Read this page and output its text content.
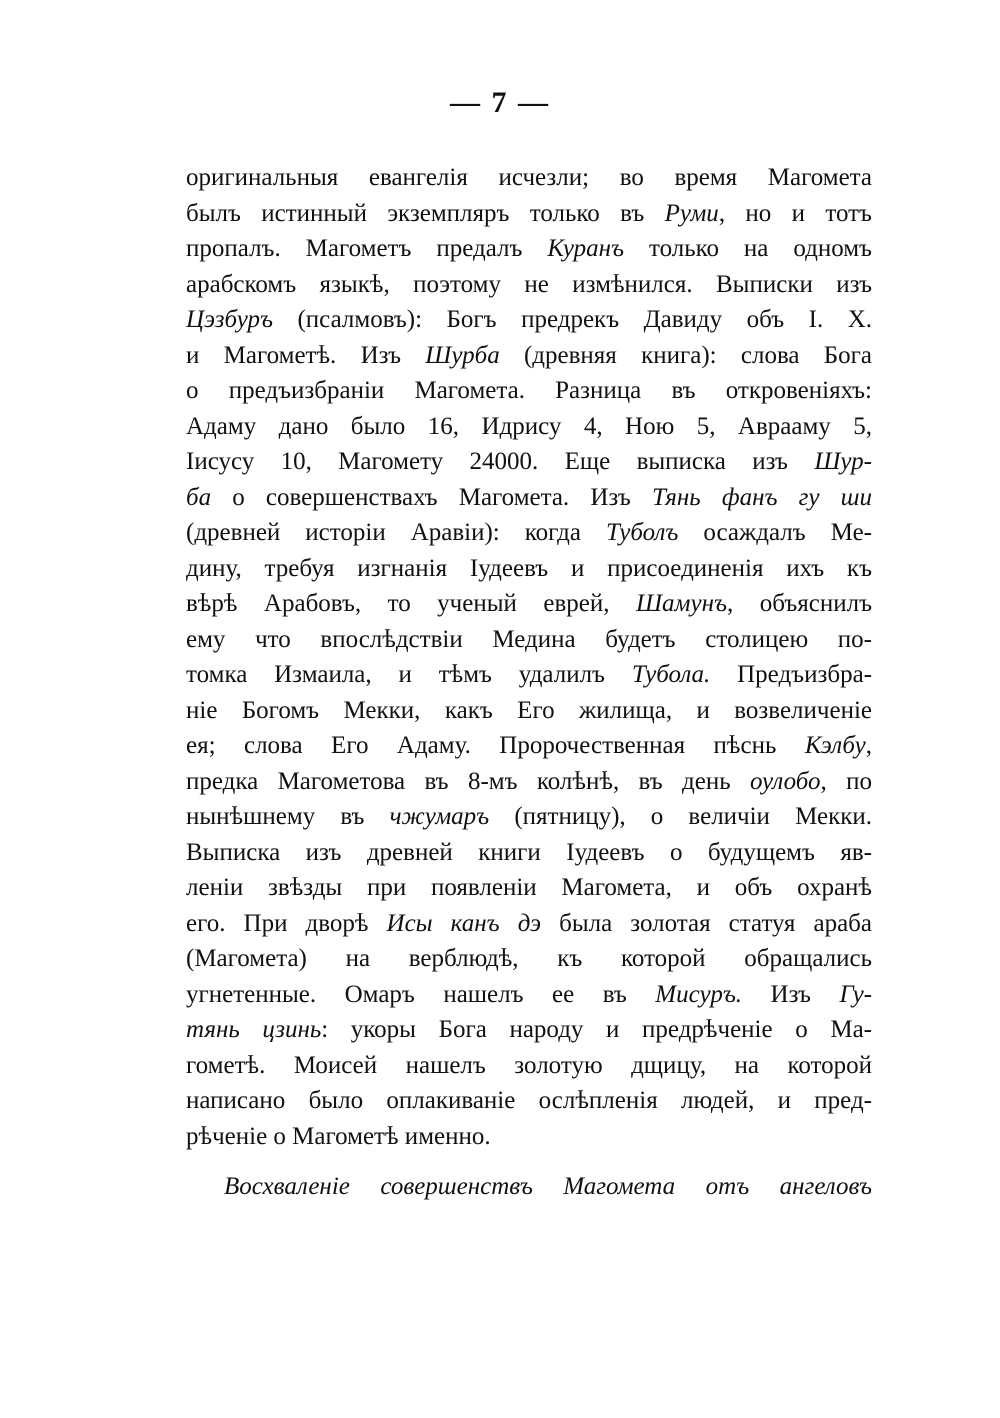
— 7 —
оригинальныя евангелія исчезли; во время Магомета
былъ истинный экземпляръ только въ Руми, но и тотъ
пропалъ. Магометъ предалъ Куранъ только на одномъ
арабскомъ языкѣ, поэтому не измѣнился. Выписки изъ
Цэзбуръ (псалмовъ): Богъ предрекъ Давиду объ І. Х.
и Магометѣ. Изъ Шурба (древняя книга): слова Бога
о предъизбраніи Магомета. Разница въ откровеніяхъ:
Адаму дано было 16, Идрису 4, Ною 5, Аврааму 5,
Іисусу 10, Магомету 24000. Еще выписка изъ Шур-
ба о совершенствахъ Магомета. Изъ Тянь фанъ гу ши
(древней исторіи Аравіи): когда Туболъ осаждалъ Ме-
дину, требуя изгнанія Іудеевъ и присоединенія ихъ къ
вѣрѣ Арабовъ, то ученый еврей, Шамунъ, объяснилъ
ему что впослѣдствіи Медина будетъ столицею по-
томка Измаила, и тѣмъ удалилъ Тубола. Предъизбра-
ніе Богомъ Мекки, какъ Его жилища, и возвеличеніе
ея; слова Его Адаму. Пророчественная пѣснь Кэлбу,
предка Магометова въ 8-мъ колѣнѣ, въ день оулобо, по
нынѣшнему въ чжумаръ (пятницу), о величіи Мекки.
Выписка изъ древней книги Іудеевъ о будущемъ яв-
леніи звѣзды при появленіи Магомета, и объ охранѣ
его. При дворѣ Исы канъ дэ была золотая статуя араба
(Магомета) на верблюдѣ, къ которой обращались
угнетенные. Омаръ нашелъ ее въ Мисуръ. Изъ Гу-
тянь цзинь: укоры Бога народу и предрѣченіе о Ма-
гометѣ. Моисей нашелъ золотую дщицу, на которой
написано было оплакиваніе ослѣпленія людей, и пред-
рѣченіе о Магометѣ именно.
Восхваленіе совершенствъ Магомета отъ ангеловъ
